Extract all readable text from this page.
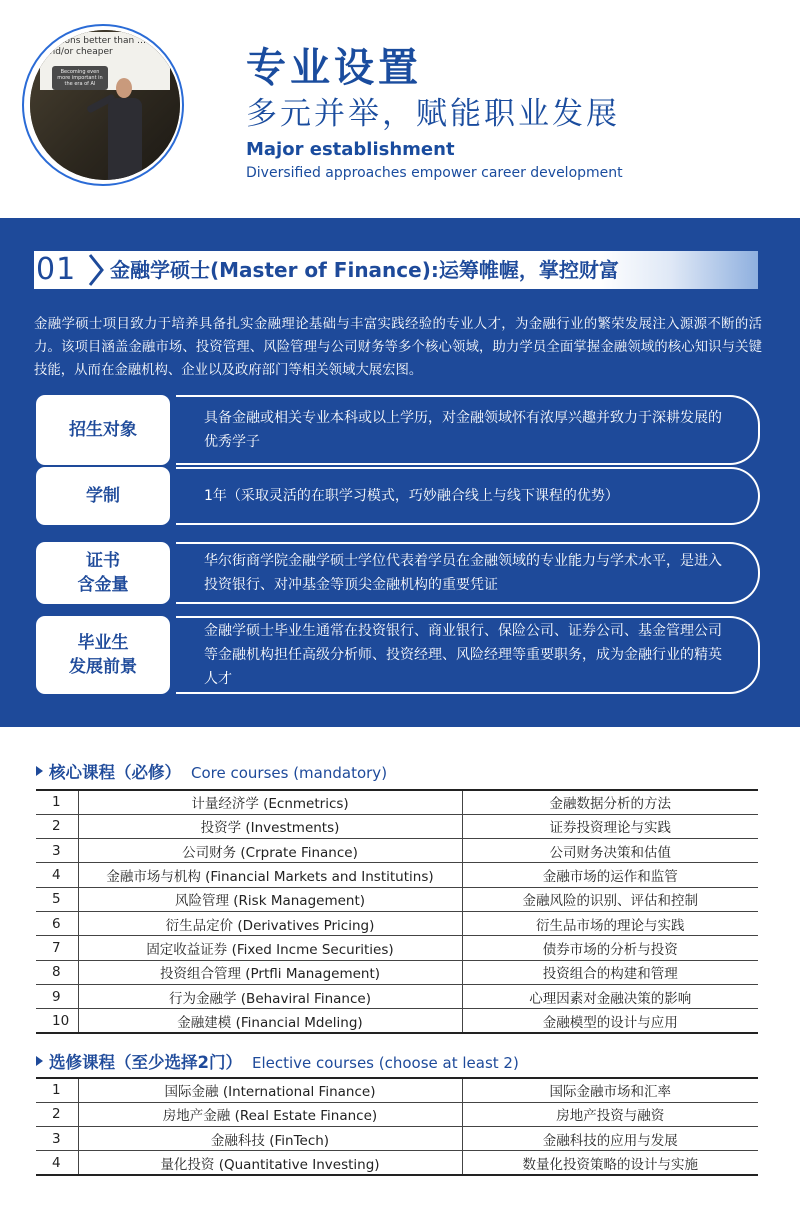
…ations better than …etter and/or cheaper
Becoming even more important in the era of AI	专业设置
多元并举，赋能职业发展
Major establishment
Diversified approaches empower career development
01 金融学硕士(Master of Finance):运筹帷幄，掌控财富

金融学硕士项目致力于培养具备扎实金融理论基础与丰富实践经验的专业人才，为金融行业的繁荣发展注入源源不断的活力。该项目涵盖金融市场、投资管理、风险管理与公司财务等多个核心领域，助力学员全面掌握金融领域的核心知识与关键技能，从而在金融机构、企业以及政府部门等相关领域大展宏图。

招生对象
具备金融或相关专业本科或以上学历，对金融领域怀有浓厚兴趣并致力于深耕发展的优秀学子
学制	1年（采取灵活的在职学习模式，巧妙融合线上与线下课程的优势）
证书
含金量
华尔街商学院金融学硕士学位代表着学员在金融领域的专业能力与学术水平，是进入投资银行、对冲基金等顶尖金融机构的重要凭证
毕业生
发展前景
金融学硕士毕业生通常在投资银行、商业银行、保险公司、证券公司、基金管理公司等金融机构担任高级分析师、投资经理、风险经理等重要职务，成为金融行业的精英人才
核心课程（必修） Core courses (mandatory)
1	计量经济学 (Ecnmetrics)	金融数据分析的方法
2	投资学 (Investments)	证券投资理论与实践
3	公司财务 (Crprate Finance)	公司财务决策和估值
4	金融市场与机构 (Financial Markets and Institutins)	金融市场的运作和监管
5	风险管理 (Risk Management)	金融风险的识别、评估和控制
6	衍生品定价 (Derivatives Pricing)	衍生品市场的理论与实践
7	固定收益证券 (Fixed Incme Securities)	债券市场的分析与投资
8	投资组合管理 (Prtfli Management)	投资组合的构建和管理
9	行为金融学 (Behaviral Finance)	心理因素对金融决策的影响
10	金融建模 (Financial Mdeling)	金融模型的设计与应用
选修课程（至少选择2门） Elective courses (choose at least 2)
1	国际金融 (International Finance)	国际金融市场和汇率
2	房地产金融 (Real Estate Finance)	房地产投资与融资
3	金融科技 (FinTech)	金融科技的应用与发展
4	量化投资 (Quantitative Investing)	数量化投资策略的设计与实施
